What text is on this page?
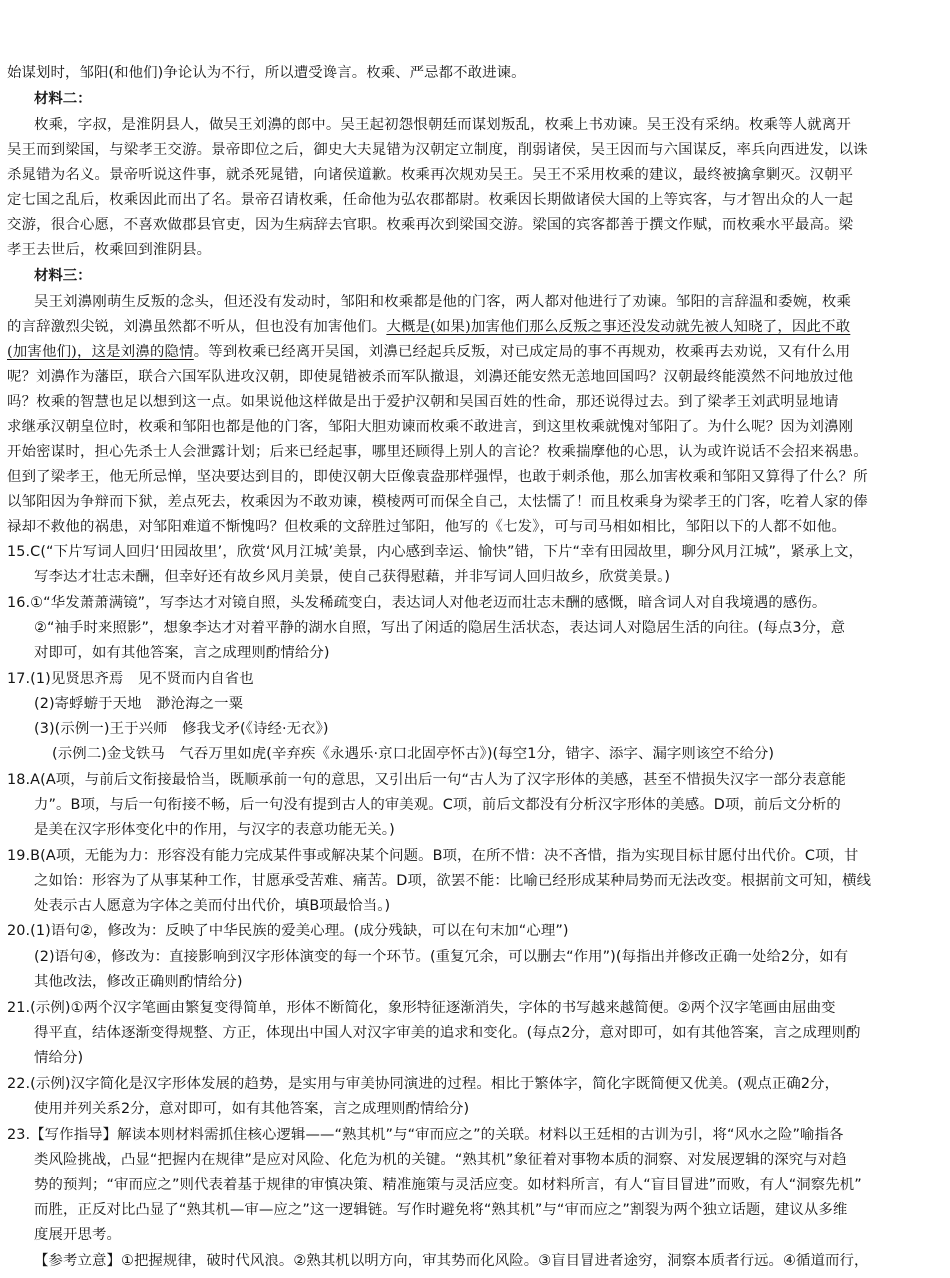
始谋划时，邹阳(和他们)争论认为不行，所以遭受谗言。枚乘、严忌都不敢进谏。
材料二：
枚乘，字叔，是淮阴县人，做吴王刘濞的郎中。吴王起初怨恨朝廷而谋划叛乱，枚乘上书劝谏。吴王没有采纳。枚乘等人就离开
吴王而到梁国，与梁孝王交游。景帝即位之后，御史大夫晁错为汉朝定立制度，削弱诸侯，吴王因而与六国谋反，率兵向西进发，以诛
杀晁错为名义。景帝听说这件事，就杀死晁错，向诸侯道歉。枚乘再次规劝吴王。吴王不采用枚乘的建议，最终被擒拿剿灭。汉朝平
定七国之乱后，枚乘因此而出了名。景帝召请枚乘，任命他为弘农郡都尉。枚乘因长期做诸侯大国的上等宾客，与才智出众的人一起
交游，很合心愿，不喜欢做郡县官吏，因为生病辞去官职。枚乘再次到梁国交游。梁国的宾客都善于撰文作赋，而枚乘水平最高。梁
孝王去世后，枚乘回到淮阴县。
材料三：
吴王刘濞刚萌生反叛的念头，但还没有发动时，邹阳和枚乘都是他的门客，两人都对他进行了劝谏。邹阳的言辞温和委婉，枚乘
的言辞激烈尖锐，刘濞虽然都不听从，但也没有加害他们。大概是(如果)加害他们那么反叛之事还没发动就先被人知晓了，因此不敢
(加害他们)，这是刘濞的隐情。等到枚乘已经离开吴国，刘濞已经起兵反叛，对已成定局的事不再规劝，枚乘再去劝说，又有什么用
呢？刘濞作为藩臣，联合六国军队进攻汉朝，即使晁错被杀而军队撤退，刘濞还能安然无恙地回国吗？汉朝最终能漠然不问地放过他
吗？枚乘的智慧也足以想到这一点。如果说他这样做是出于爱护汉朝和吴国百姓的性命，那还说得过去。到了梁孝王刘武明显地请
求继承汉朝皇位时，枚乘和邹阳也都是他的门客，邹阳大胆劝谏而枚乘不敢进言，到这里枚乘就愧对邹阳了。为什么呢？因为刘濞刚
开始密谋时，担心先杀士人会泄露计划；后来已经起事，哪里还顾得上别人的言论？枚乘揣摩他的心思，认为或许说话不会招来祸患。
但到了梁孝王，他无所忌惮，坚决要达到目的，即使汉朝大臣像袁盎那样强悍，也敢于刺杀他，那么加害枚乘和邹阳又算得了什么？所
以邹阳因为争辩而下狱，差点死去，枚乘因为不敢劝谏，模棱两可而保全自己，太怯懦了！而且枚乘身为梁孝王的门客，吃着人家的俸
禄却不救他的祸患，对邹阳难道不惭愧吗？但枚乘的文辞胜过邹阳，他写的《七发》，可与司马相如相比，邹阳以下的人都不如他。
15.C(“下片写词人回归‘田园故里’，欣赏‘风月江城’美景，内心感到幸运、愉快”错，下片“幸有田园故里，聊分风月江城”，紧承上文，
写李达才壮志未酬，但幸好还有故乡风月美景，使自己获得慰藉，并非写词人回归故乡，欣赏美景。)
16.①“华发萧萧满镜”，写李达才对镜自照，头发稀疏变白，表达词人对他老迈而壮志未酬的感慨，暗含词人对自我境遇的感伤。
②“袖手时来照影”，想象李达才对着平静的湖水自照，写出了闲适的隐居生活状态，表达词人对隐居生活的向往。(每点3分，意
对即可，如有其他答案，言之成理则酌情给分)
17.(1)见贤思齐焉　见不贤而内自省也
(2)寄蜉蝣于天地　渺沧海之一粟
(3)(示例一)王于兴师　修我戈矛(《诗经·无衣》)
(示例二)金戈铁马　气吞万里如虎(辛弃疾《永遇乐·京口北固亭怀古》)(每空1分，错字、添字、漏字则该空不给分)
18.A(A项，与前后文衔接最恰当，既顺承前一句的意思，又引出后一句“古人为了汉字形体的美感，甚至不惜损失汉字一部分表意能
力”。B项，与后一句衔接不畅，后一句没有提到古人的审美观。C项，前后文都没有分析汉字形体的美感。D项，前后文分析的
是美在汉字形体变化中的作用，与汉字的表意功能无关。)
19.B(A项，无能为力：形容没有能力完成某件事或解决某个问题。B项，在所不惜：决不吝惜，指为实现目标甘愿付出代价。C项，甘
之如饴：形容为了从事某种工作，甘愿承受苦难、痛苦。D项，欲罢不能：比喻已经形成某种局势而无法改变。根据前文可知，横线
处表示古人愿意为字体之美而付出代价，填B项最恰当。)
20.(1)语句②，修改为：反映了中华民族的爱美心理。(成分残缺，可以在句末加“心理”)
(2)语句④，修改为：直接影响到汉字形体演变的每一个环节。(重复冗余，可以删去“作用”)(每指出并修改正确一处给2分，如有
其他改法，修改正确则酌情给分)
21.(示例)①两个汉字笔画由繁复变得简单，形体不断简化，象形特征逐渐消失，字体的书写越来越简便。②两个汉字笔画由屈曲变
得平直，结体逐渐变得规整、方正，体现出中国人对汉字审美的追求和变化。(每点2分，意对即可，如有其他答案，言之成理则酌
情给分)
22.(示例)汉字简化是汉字形体发展的趋势，是实用与审美协同演进的过程。相比于繁体字，简化字既简便又优美。(观点正确2分，
使用并列关系2分，意对即可，如有其他答案，言之成理则酌情给分)
23.【写作指导】解读本则材料需抓住核心逻辑——“熟其机”与“审而应之”的关联。材料以王廷相的古训为引，将“风水之险”喻指各
类风险挑战，凸显“把握内在规律”是应对风险、化危为机的关键。“熟其机”象征着对事物本质的洞察、对发展逻辑的深究与对趋
势的预判；“审而应之”则代表着基于规律的审慎决策、精准施策与灵活应变。如材料所言，有人“盲目冒进”而败，有人“洞察先机”
而胜，正反对比凸显了“熟其机—审—应之”这一逻辑链。写作时避免将“熟其机”与“审而应之”割裂为两个独立话题，建议从多维
度展开思考。
【参考立意】①把握规律，破时代风浪。②熟其机以明方向，审其势而化风险。③盲目冒进者途穷，洞察本质者行远。④循道而行，
